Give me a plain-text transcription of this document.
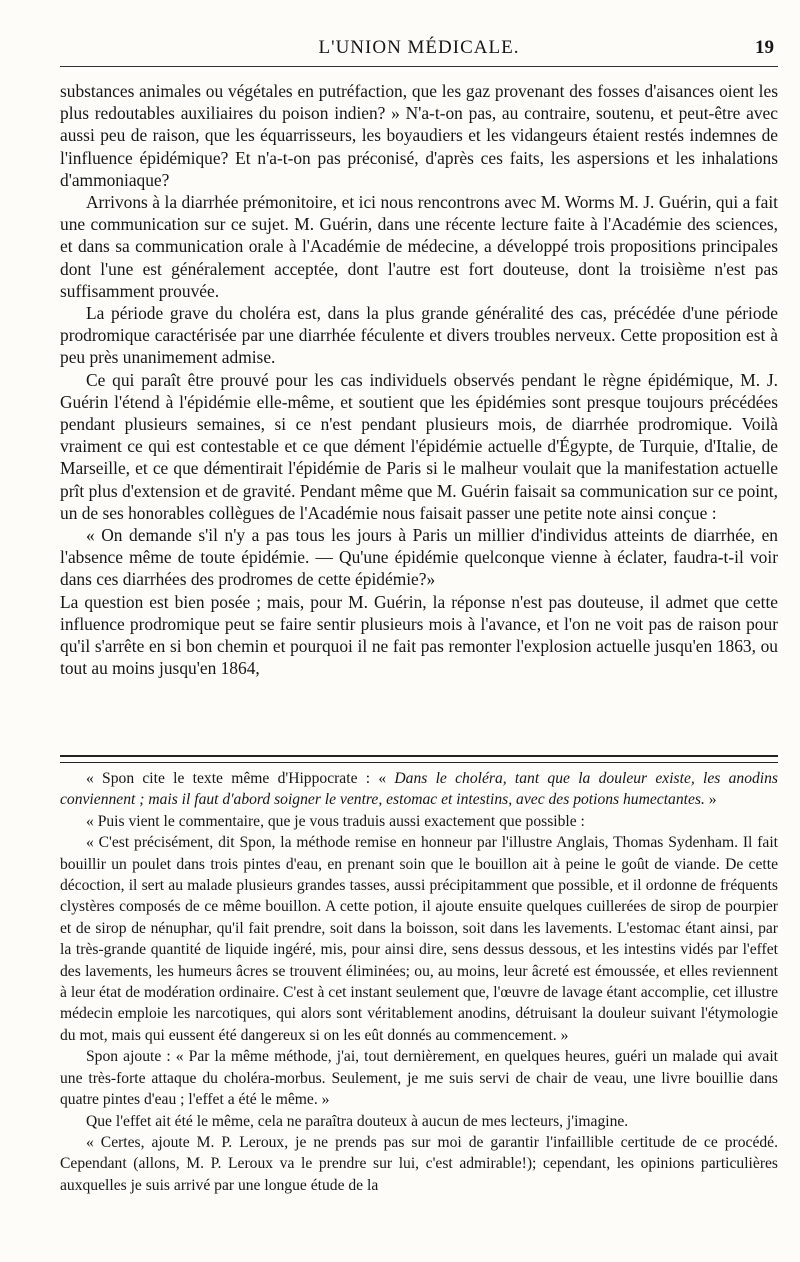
L'UNION MÉDICALE.	19

substances animales ou végétales en putréfaction, que les gaz provenant des fosses d'aisances oient les plus redoutables auxiliaires du poison indien? » N'a-t-on pas, au contraire, soutenu, et peut-être avec aussi peu de raison, que les équarrisseurs, les boyaudiers et les vidangeurs étaient restés indemnes de l'influence épidémique? Et n'a-t-on pas préconisé, d'après ces faits, les aspersions et les inhalations d'ammoniaque?

Arrivons à la diarrhée prémonitoire, et ici nous rencontrons avec M. Worms M. J. Guérin, qui a fait une communication sur ce sujet. M. Guérin, dans une récente lecture faite à l'Académie des sciences, et dans sa communication orale à l'Académie de médecine, a développé trois propositions principales dont l'une est généralement acceptée, dont l'autre est fort douteuse, dont la troisième n'est pas suffisamment prouvée.

La période grave du choléra est, dans la plus grande généralité des cas, précédée d'une période prodromique caractérisée par une diarrhée féculente et divers troubles nerveux. Cette proposition est à peu près unanimement admise.

Ce qui paraît être prouvé pour les cas individuels observés pendant le règne épidémique, M. J. Guérin l'étend à l'épidémie elle-même, et soutient que les épidémies sont presque toujours précédées pendant plusieurs semaines, si ce n'est pendant plusieurs mois, de diarrhée prodromique. Voilà vraiment ce qui est contestable et ce que dément l'épidémie actuelle d'Égypte, de Turquie, d'Italie, de Marseille, et ce que démentirait l'épidémie de Paris si le malheur voulait que la manifestation actuelle prît plus d'extension et de gravité. Pendant même que M. Guérin faisait sa communication sur ce point, un de ses honorables collègues de l'Académie nous faisait passer une petite note ainsi conçue :

« On demande s'il n'y a pas tous les jours à Paris un millier d'individus atteints de diarrhée, en l'absence même de toute épidémie. — Qu'une épidémie quelconque vienne à éclater, faudra-t-il voir dans ces diarrhées des prodromes de cette épidémie?»

La question est bien posée ; mais, pour M. Guérin, la réponse n'est pas douteuse, il admet que cette influence prodromique peut se faire sentir plusieurs mois à l'avance, et l'on ne voit pas de raison pour qu'il s'arrête en si bon chemin et pourquoi il ne fait pas remonter l'explosion actuelle jusqu'en 1863, ou tout au moins jusqu'en 1864,

« Spon cite le texte même d'Hippocrate : « Dans le choléra, tant que la douleur existe, les anodins conviennent ; mais il faut d'abord soigner le ventre, estomac et intestins, avec des potions humectantes. »

« Puis vient le commentaire, que je vous traduis aussi exactement que possible :

« C'est précisément, dit Spon, la méthode remise en honneur par l'illustre Anglais, Thomas Sydenham. Il fait bouillir un poulet dans trois pintes d'eau, en prenant soin que le bouillon ait à peine le goût de viande. De cette décoction, il sert au malade plusieurs grandes tasses, aussi précipitamment que possible, et il ordonne de fréquents clystères composés de ce même bouillon. A cette potion, il ajoute ensuite quelques cuillerées de sirop de pourpier et de sirop de nénuphar, qu'il fait prendre, soit dans la boisson, soit dans les lavements. L'estomac étant ainsi, par la très-grande quantité de liquide ingéré, mis, pour ainsi dire, sens dessus dessous, et les intestins vidés par l'effet des lavements, les humeurs âcres se trouvent éliminées; ou, au moins, leur âcreté est émoussée, et elles reviennent à leur état de modération ordinaire. C'est à cet instant seulement que, l'œuvre de lavage étant accomplie, cet illustre médecin emploie les narcotiques, qui alors sont véritablement anodins, détruisant la douleur suivant l'étymologie du mot, mais qui eussent été dangereux si on les eût donnés au commencement. »

Spon ajoute : « Par la même méthode, j'ai, tout dernièrement, en quelques heures, guéri un malade qui avait une très-forte attaque du choléra-morbus. Seulement, je me suis servi de chair de veau, une livre bouillie dans quatre pintes d'eau ; l'effet a été le même. »

Que l'effet ait été le même, cela ne paraîtra douteux à aucun de mes lecteurs, j'imagine.

« Certes, ajoute M. P. Leroux, je ne prends pas sur moi de garantir l'infaillible certitude de ce procédé. Cependant (allons, M. P. Leroux va le prendre sur lui, c'est admirable!); cependant, les opinions particulières auxquelles je suis arrivé par une longue étude de la
